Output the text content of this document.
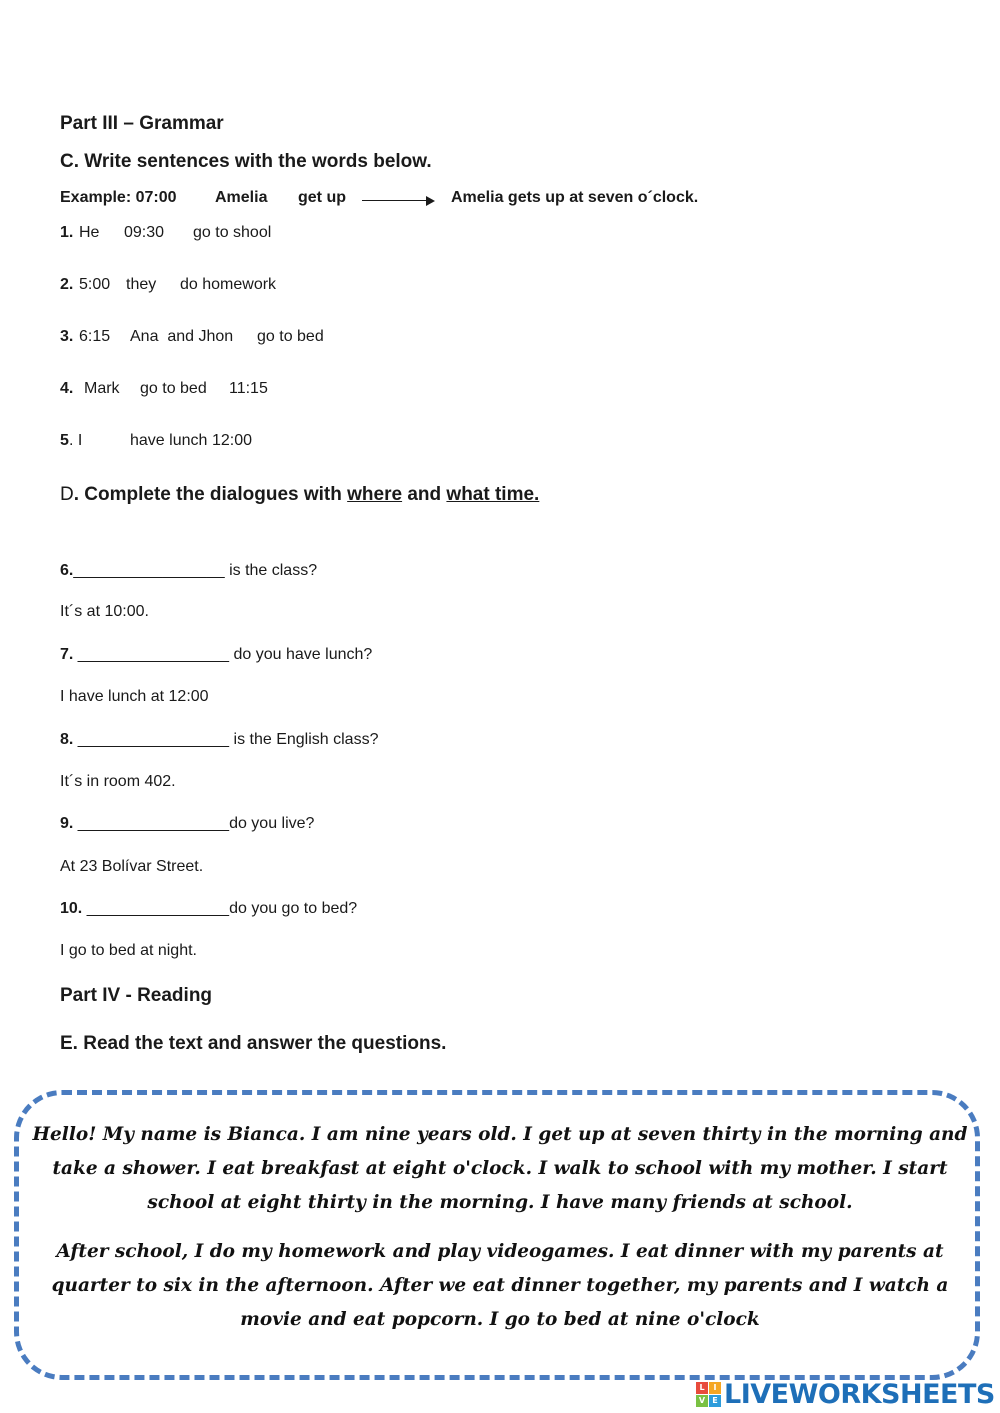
Part III – Grammar
C. Write sentences with the words below.
Example: 07:00 Amelia get up	Amelia gets up at seven o´clock.
1. He 09:30 go to shool
2. 5:00 they do homework
3. 6:15 Ana  and Jhon go to bed
4. Mark go to bed 11:15
5 . I	have lunch 12:00
D. Complete the dialogues with where and what time.
6._________________ is the class?
It´s at 10:00.
7. _________________ do you have lunch?
I have lunch at 12:00
8. _________________ is the English class?
It´s in room 402.
9. _________________do you live?
At 23 Bolívar Street.
10. ________________do you go to bed?
I go to bed at night.
Part IV - Reading
E. Read the text and answer the questions.
Hello! My name is Bianca. I am nine years old. I get up at seven thirty in the morning and take a shower. I eat breakfast at eight o'clock. I walk to school with my mother. I start school at eight thirty in the morning. I have many friends at school.
After school, I do my homework and play videogames. I eat dinner with my parents at quarter to six in the afternoon. After we eat dinner together, my parents and I watch a movie and eat popcorn. I go to bed at nine o'clock
L	I
V E LIVEWORKSHEETS
